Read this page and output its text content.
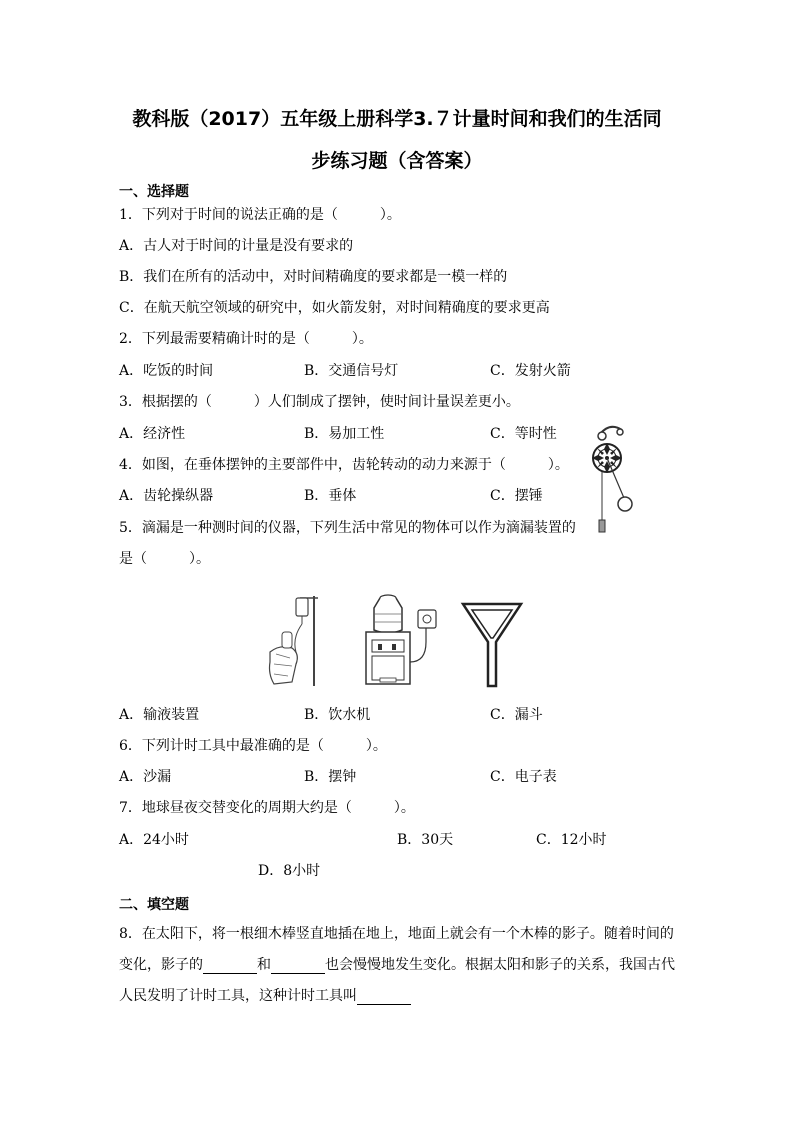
教科版（2017）五年级上册科学3.７计量时间和我们的生活同
步练习题（含答案）
一、选择题
1．下列对于时间的说法正确的是（　　　）。
A．古人对于时间的计量是没有要求的
B．我们在所有的活动中，对时间精确度的要求都是一模一样的
C．在航天航空领域的研究中，如火箭发射，对时间精确度的要求更高
2．下列最需要精确计时的是（　　　）。
A．吃饭的时间	B．交通信号灯	C．发射火箭
3．根据摆的（　　　）人们制成了摆钟，使时间计量误差更小。
A．经济性	B．易加工性	C．等时性
4．如图，在垂体摆钟的主要部件中，齿轮转动的动力来源于（　　　）。
A．齿轮操纵器	B．垂体	C．摆锤
5．滴漏是一种测时间的仪器，下列生活中常见的物体可以作为滴漏装置的
是（　　　）。
A．输液装置	B．饮水机	C．漏斗
6．下列计时工具中最准确的是（　　　）。
A．沙漏	B．摆钟	C．电子表
7．地球昼夜交替变化的周期大约是（　　　）。
A．24小时	B．30天	C．12小时
D．8小时
二、填空题
8．在太阳下，将一根细木棒竖直地插在地上，地面上就会有一个木棒的影子。随着时间的
变化，影子的	和	也会慢慢地发生变化。根据太阳和影子的关系，我国古代
人民发明了计时工具，这种计时工具叫
